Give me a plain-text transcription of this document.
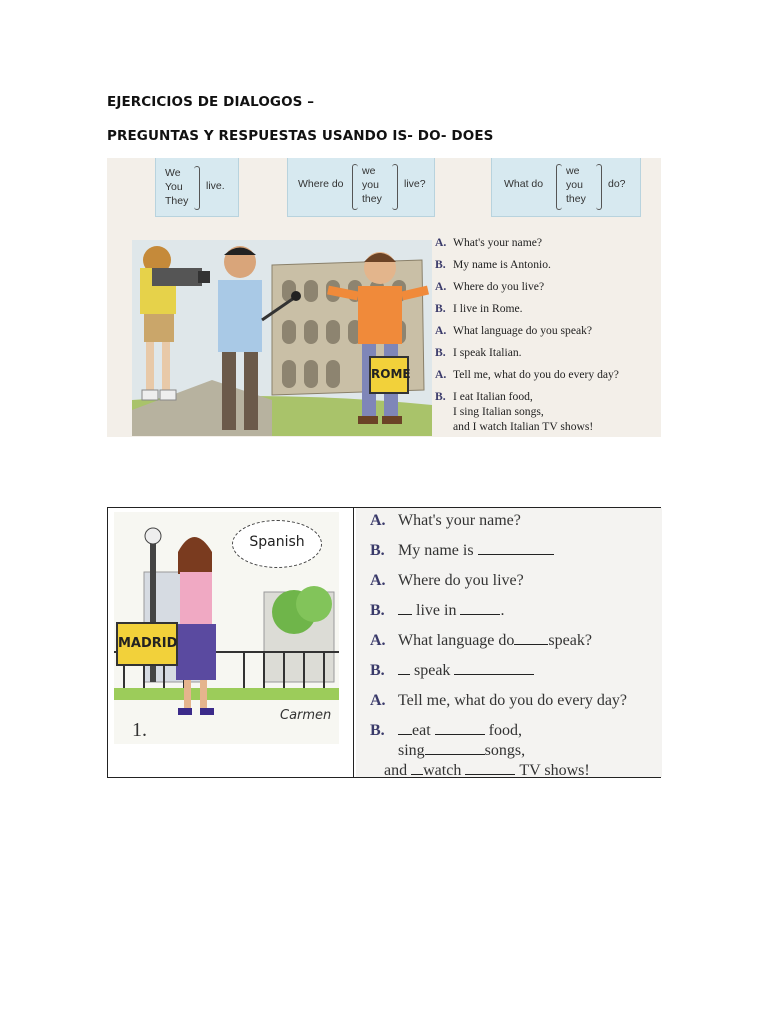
EJERCICIOS DE DIALOGOS –
PREGUNTAS Y RESPUESTAS USANDO IS- DO- DOES
We
You
They
live.	Where do
we
you
they
live?	What do
we
you
they
do?
ROME
A. What's your name?
B. My name is Antonio.
A. Where do you live?
B. I live in Rome.
A. What language do you speak?
B. I speak Italian.
A. Tell me, what do you do every day?
B. I eat Italian food,
I sing Italian songs,
and I watch Italian TV shows!
Spanish
MADRID
Carmen
1.
A. What's your name?
B. My name is
A. Where do you live?
B. live in	.
A. What language do speak?
B. speak
A. Tell me, what do you do every day?
B. eat	food,
sing	songs,
and watch	TV shows!
